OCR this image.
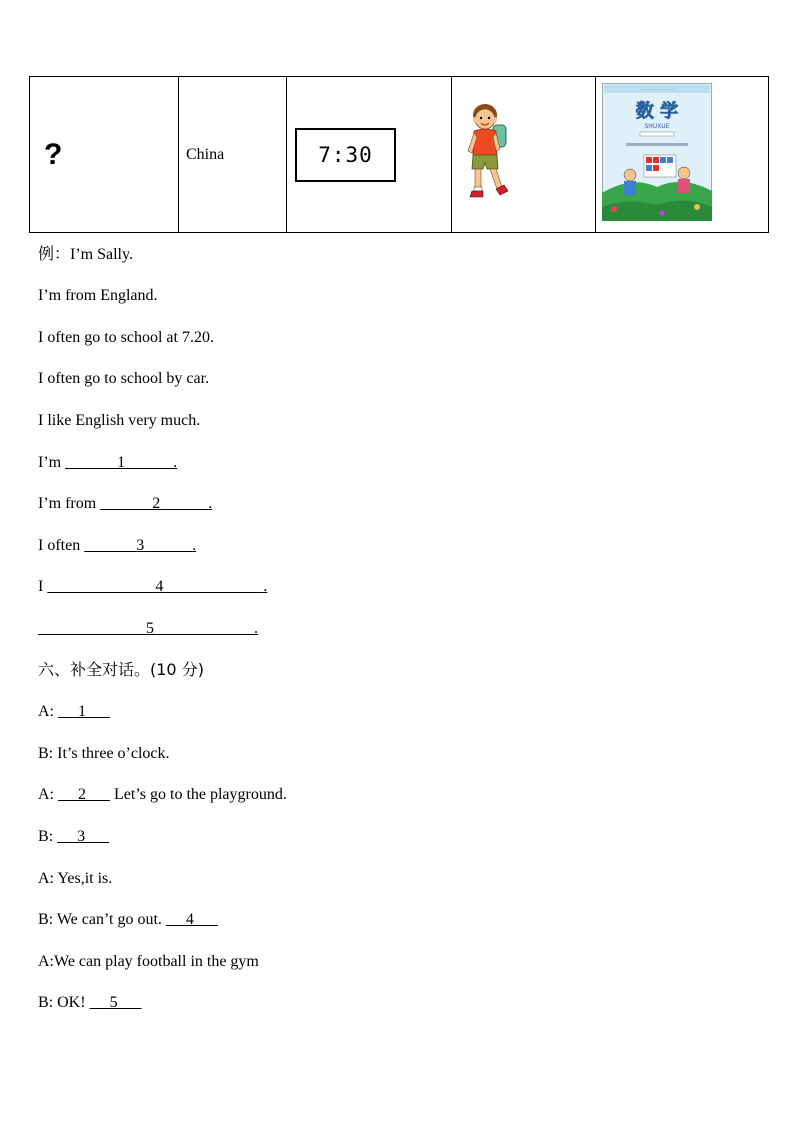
?	China	7:30

· · · · · · · · · · · · · ·
数 学
SHUXUE
例：I’m Sally.
I’m from England.
I often go to school at 7.20.
I often go to school by car.
I like English very much.
I’m	1	.
I’m from	2	.
I often	3	.
I	4	.
5	.
六、补全对话。(10 分)
A:      1
B: It’s three o’clock.
A:      2       Let’s go to the playground.
B:      3
A: Yes,it is.
B: We can’t go out.      4
A:We can play football in the gym
B: OK!      5
